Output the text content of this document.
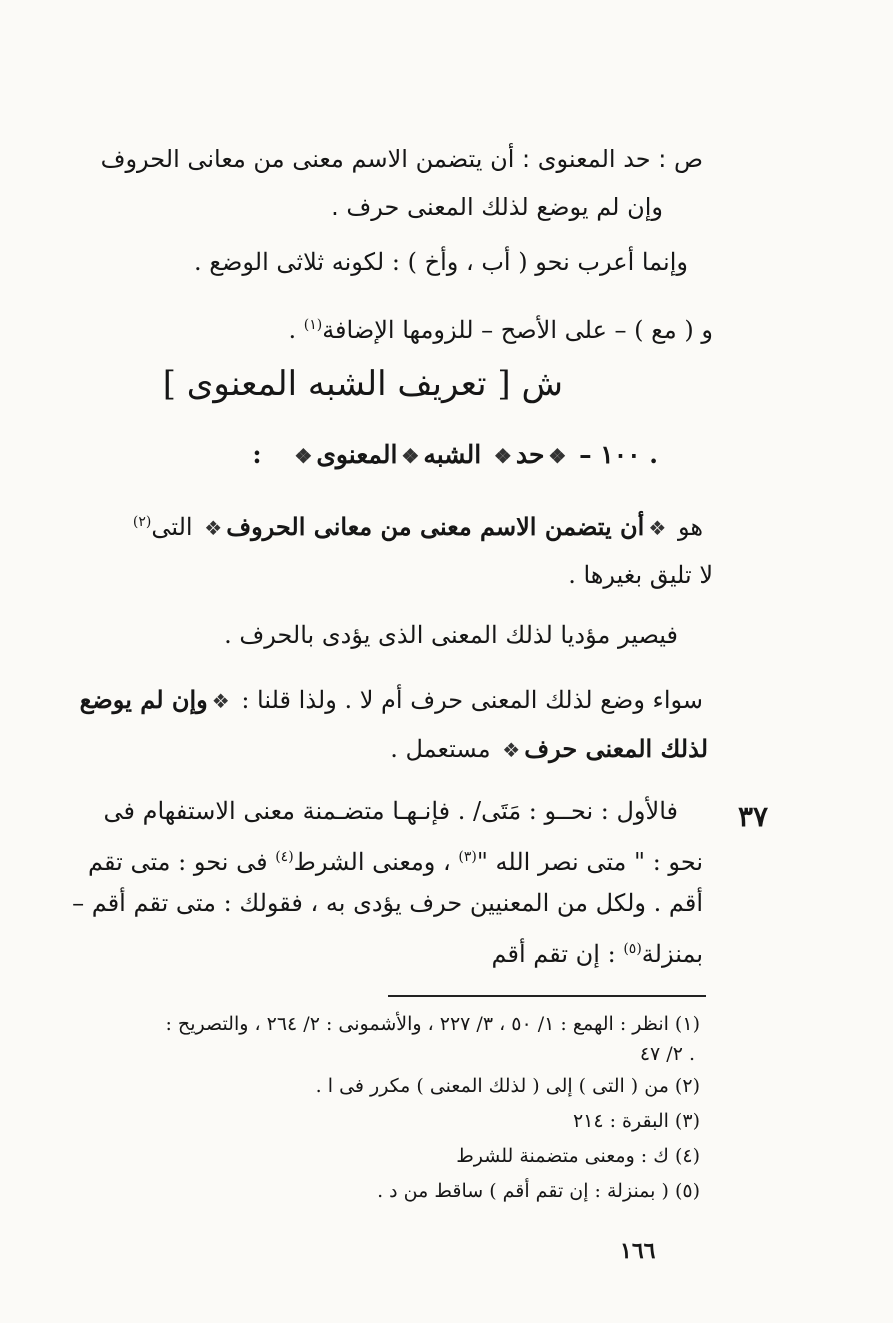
ص : حد المعنوى : أن يتضمن الاسم معنى من معانى الحروف
وإن لم يوضع لذلك المعنى حرف .
وإنما أعرب نحو ( أب ، وأخ ) : لكونه ثلاثى الوضع .
و ( مع ) – على الأصح – للزومها الإضافة$^{(١)}$ .
ش [ تعريف الشبه المعنوى ]
. ١٠٠ – ❖حد❖ الشبه❖المعنوى❖ :
هو ❖أن يتضمن الاسم معنى من معانى الحروف❖ التى$^{(٢)}$
لا تليق بغيرها .
فيصير مؤديا لذلك المعنى الذى يؤدى بالحرف .
سواء وضع لذلك المعنى حرف أم لا . ولذا قلنا : ❖وإن لم يوضع
لذلك المعنى حرف❖ مستعمل .
٣٧
فالأول : نحــو : مَتَى/ . فإنـهـا متضـمنة معنى الاستفهام فى
نحو : " متى نصر الله "$^{(٣)}$ ، ومعنى الشرط$^{(٤)}$ فى نحو : متى تقم
أقم . ولكل من المعنيين حرف يؤدى به ، فقولك : متى تقم أقم –
بمنزلة$^{(٥)}$ : إن تقم أقم
(١) انظر : الهمع : ١/ ٥٠ ، ٣/ ٢٢٧ ، والأشمونى : ٢/ ٢٦٤ ، والتصريح :
٢/ ٤٧ .
(٢) من ( التى ) إلى ( لذلك المعنى ) مكرر فى ا .
(٣) البقرة : ٢١٤
(٤) ك : ومعنى متضمنة للشرط
(٥) ( بمنزلة : إن تقم أقم ) ساقط من د .
١٦٦
